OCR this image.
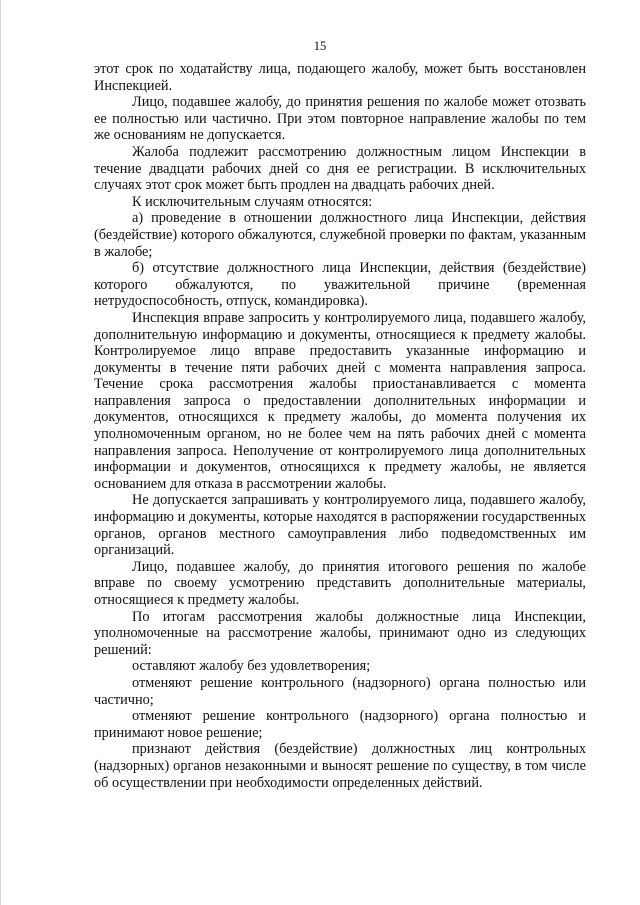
15

этот срок по ходатайству лица, подающего жалобу, может быть восстановлен Инспекцией.

Лицо, подавшее жалобу, до принятия решения по жалобе может отозвать ее полностью или частично. При этом повторное направление жалобы по тем же основаниям не допускается.

Жалоба подлежит рассмотрению должностным лицом Инспекции в течение двадцати рабочих дней со дня ее регистрации. В исключительных случаях этот срок может быть продлен на двадцать рабочих дней.

К исключительным случаям относятся:

а) проведение в отношении должностного лица Инспекции, действия (бездействие) которого обжалуются, служебной проверки по фактам, указанным в жалобе;

б) отсутствие должностного лица Инспекции, действия (бездействие) которого обжалуются, по уважительной причине (временная нетрудоспособность, отпуск, командировка).

Инспекция вправе запросить у контролируемого лица, подавшего жалобу, дополнительную информацию и документы, относящиеся к предмету жалобы. Контролируемое лицо вправе предоставить указанные информацию и документы в течение пяти рабочих дней с момента направления запроса. Течение срока рассмотрения жалобы приостанавливается с момента направления запроса о предоставлении дополнительных информации и документов, относящихся к предмету жалобы, до момента получения их уполномоченным органом, но не более чем на пять рабочих дней с момента направления запроса. Неполучение от контролируемого лица дополнительных информации и документов, относящихся к предмету жалобы, не является основанием для отказа в рассмотрении жалобы.

Не допускается запрашивать у контролируемого лица, подавшего жалобу, информацию и документы, которые находятся в распоряжении государственных органов, органов местного самоуправления либо подведомственных им организаций.

Лицо, подавшее жалобу, до принятия итогового решения по жалобе вправе по своему усмотрению представить дополнительные материалы, относящиеся к предмету жалобы.

По итогам рассмотрения жалобы должностные лица Инспекции, уполномоченные на рассмотрение жалобы, принимают одно из следующих решений:

оставляют жалобу без удовлетворения;

отменяют решение контрольного (надзорного) органа полностью или частично;

отменяют решение контрольного (надзорного) органа полностью и принимают новое решение;

признают действия (бездействие) должностных лиц контрольных (надзорных) органов незаконными и выносят решение по существу, в том числе об осуществлении при необходимости определенных действий.
